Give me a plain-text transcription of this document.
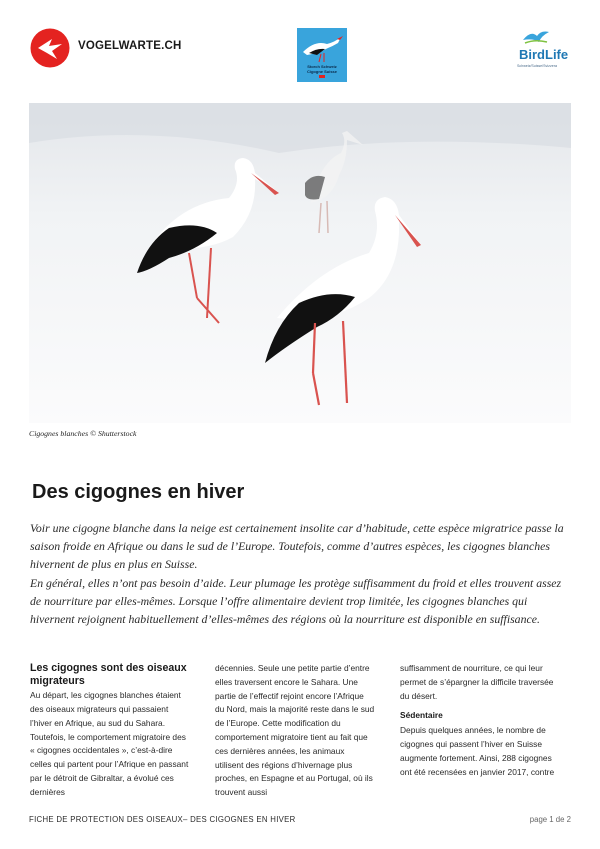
VOGELWARTE.CH
Storch Schweiz
Cigogne Suisse
BirdLife
Schweiz/Suisse/Svizzera
Cigognes blanches © Shutterstock
Des cigognes en hiver

Voir une cigogne blanche dans la neige est certainement insolite car d’habitude, cette espèce migratrice passe la saison froide en Afrique ou dans le sud de l’Europe. Toutefois, comme d’autres espèces, les cigognes blanches hivernent de plus en plus en Suisse.

En général, elles n’ont pas besoin d’aide. Leur plumage les protège suffisamment du froid et elles trouvent assez de nourriture par elles-mêmes. Lorsque l’offre alimentaire devient trop limitée, les cigognes blanches qui hivernent rejoignent habituellement d’elles-mêmes des régions où la nourriture est disponible en suffisance.

Les cigognes sont des oiseaux migrateurs

Au départ, les cigognes blanches étaient des oiseaux migrateurs qui passaient l’hiver en Afrique, au sud du Sahara. Toutefois, le comportement migratoire des « cigognes occidentales », c’est-à-dire celles qui partent pour l’Afrique en passant par le détroit de Gibraltar, a évolué ces dernières

décennies. Seule une petite partie d’entre elles traversent encore le Sahara. Une partie de l’effectif rejoint encore l’Afrique du Nord, mais la majorité reste dans le sud de l’Europe. Cette modification du comportement migratoire tient au fait que ces dernières années, les animaux utilisent des régions d’hivernage plus proches, en Espagne et au Portugal, où ils trouvent aussi

suffisamment de nourriture, ce qui leur permet de s’épargner la difficile traversée du désert.

Sédentaire

Depuis quelques années, le nombre de cigognes qui passent l’hiver en Suisse augmente fortement. Ainsi, 288 cigognes ont été recensées en janvier 2017, contre

FICHE DE PROTECTION DES OISEAUX– DES CIGOGNES EN HIVER	page 1 de 2
